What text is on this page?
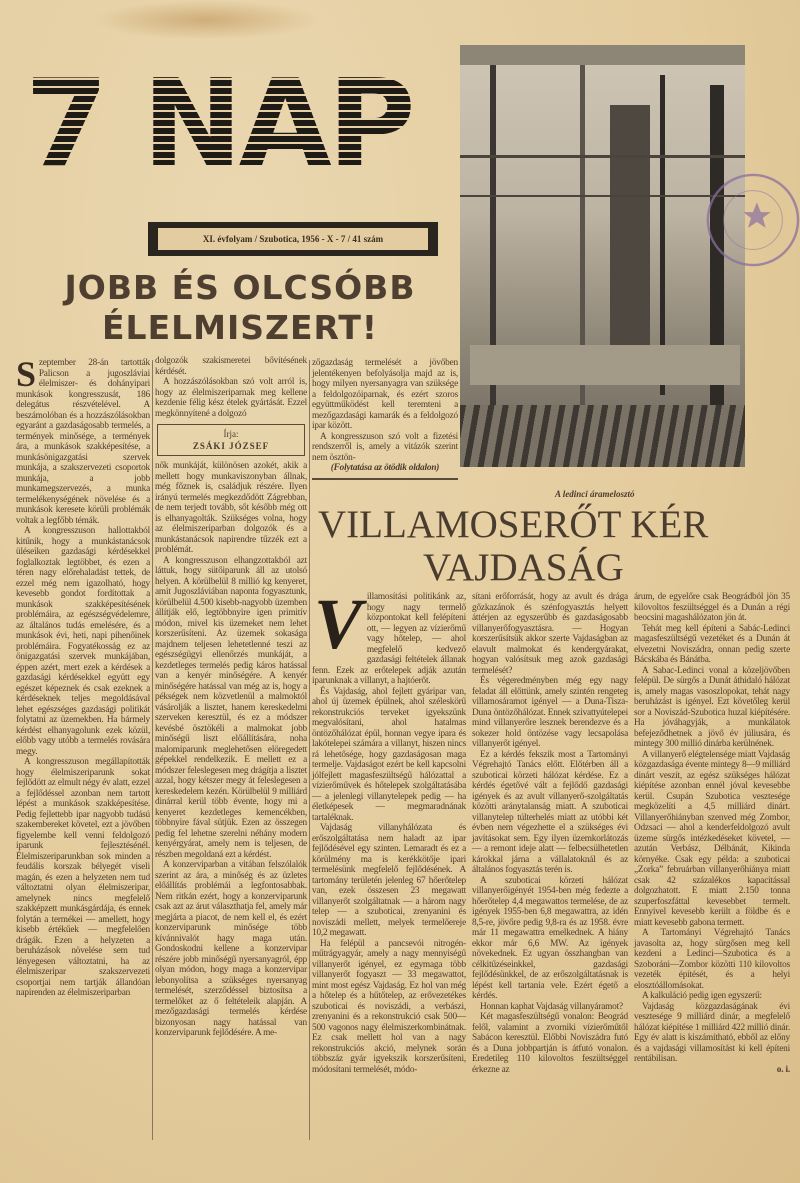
7 NAP
XI. évfolyam / Szubotica, 1956 - X - 7 / 41 szám
JOBB ÉS OLCSÓBB
ÉLELMISZERT!

Szeptember 28-án tartották Palicson a jugoszláviai élelmiszer- és dohányipari munkások kongresszusát, 186 delegátus részvételével. A beszámolóban és a hozzászólásokban egyaránt a gazdaságosabb termelés, a termények minősége, a termények ára, a munkások szakképesítése, a munkásönigazgatási szervek munkája, a szakszervezeti csoportok munkája, a jobb munkamegszervezés, a munka termelékenységének növelése és a munkások keresete körüli problémák voltak a legfőbb témák.

A kongresszuson hallottakból kitűnik, hogy a munkástanácsok üléseiken gazdasági kérdésekkel foglalkoztak legtöbbet, és ezen a téren nagy előrehaladást tettek, de ezzel még nem igazolható, hogy kevesebb gondot fordítottak a munkások szakképesítésének problémáira, az egészségvédelemre, az általános tudás emelésére, és a munkások évi, heti, napi pihenőinek problémáira. Fogyatékosság ez az önigazgatási szervek munkájában, éppen azért, mert ezek a kérdések a gazdasági kérdésekkel együtt egy egészet képeznek és csak ezeknek a kérdéseknek teljes megoldásával lehet egészséges gazdasági politikát folytatni az üzemekben. Ha bármely kérdést elhanyagolunk ezek közül, előbb vagy utóbb a termelés rovására megy.

A kongresszuson megállapították hogy élelmiszeriparunk sokat fejlődött az elmult négy év alatt, ezzel a fejlődéssel azonban nem tartott lépést a munkások szakképesítése. Pedig fejlettebb ipar nagyobb tudású szakembereket követel, ezt a jövőben figyelembe kell venni feldolgozó iparunk fejlesztésénél. Élelmiszeriparunkban sok minden a feudális korszak bélyegét viseli magán, és ezen a helyzeten nem tud változtatni olyan élelmiszeripar, amelynek nincs megfelelő szakképzett munkásgárdája, és ennek folytán a termékei — amellett, hogy kisebb értékűek — megfelelően drágák. Ezen a helyzeten a beruházások növelése sem tud lényegesen változtatni, ha az élelmiszeripar szakszervezeti csoportjai nem tartják állandóan napirenden az élelmiszeriparban

dolgozók szakismeretei bővítésének kérdését.

A hozzászólásokban szó volt arról is, hogy az élelmiszeriparnak meg kellene kezdenie félig kész ételek gyártását. Ezzel megkönnyítené a dolgozó

Írja:
ZSÁKI JÓZSEF

nők munkáját, különösen azokét, akik a mellett hogy munkaviszonyban állnak, még főznek is, családjuk részére. Ilyen irányú termelés megkezdődött Zágrebban, de nem terjedt tovább, sőt később még ott is elhanyagolták. Szükséges volna, hogy az élelmiszeriparban dolgozók és a munkástanácsok napirendre tűzzék ezt a problémát.

A kongresszuson elhangzottakból azt láttuk, hogy sütőiparunk áll az utolsó helyen. A körülbelül 8 millió kg kenyeret, amit Jugoszláviában naponta fogyasztunk, körülbelül 4.500 kisebb-nagyobb üzemben állítják elő, legtöbbnyire igen primitív módon, mivel kis üzemeket nem lehet korszerűsíteni. Az üzemek sokasága majdnem teljesen lehetetlenné teszi az egészségügyi ellenőrzés munkáját, a kezdetleges termelés pedig káros hatással van a kenyér minőségére. A kenyér minőségére hatással van még az is, hogy a pékségek nem közvetlenül a malmoktól vásárolják a lisztet, hanem kereskedelmi szerveken keresztül, és ez a módszer kevésbé ösztökéli a malmokat jobb minőségű liszt előállítására, noha malomiparunk meglehetősen elöregedett gépekkel rendelkezik. E mellett ez a módszer feleslegesen meg drágítja a lisztet azzal, hogy kétszer megy át feleslegesen a kereskedelem kezén. Körülbelül 9 milliárd dinárral kerül több évente, hogy mi a kenyeret kezdetleges kemencékben, többnyire fával sütjük. Ezen az összegen pedig fel lehetne szerelni néhány modern kenyérgyárat, amely nem is teljesen, de részben megoldaná ezt a kérdést.

A konzerviparban a vitában felszólalók szerint az ára, a minőség és az üzletes előállítás problémái a legfontosabbak. Nem ritkán ezért, hogy a konzerviparunk csak azt az árut választhatja fel, amely már megjárta a piacot, de nem kell el, és ezért konzerviparunk minősége több kívánnivalót hagy maga után. Gondoskodni kellene a konzervipar részére jobb minőségű nyersanyagról, épp olyan módon, hogy maga a konzervipar lebonyolítsa a szükséges nyersanyag termelését, szerződéssel biztosítsa a termelőket az ő feltételeik alapján. A mezőgazdasági termelés kérdése bizonyosan nagy hatással van konzerviparunk fejlődésére. A me-

zőgazdaság termelését a jövőben jelentékenyen befolyásolja majd az is, hogy milyen nyersanyagra van szüksége a feldolgozóiparnak, és ezért szoros együttműködést kell teremteni a mezőgazdasági kamarák és a feldolgozó ipar között.

A kongresszuson szó volt a fizetési rendszerről is, amely a vitázók szerint nem ösztön-

(Folytatása az ötödik oldalon)

A ledinci áramelosztó
VILLAMOSERŐT KÉR
VAJDASÁG

Villamosítási politikánk az, hogy nagy termelő központokat kell felépíteni ott, — legyen az vízierőmű vagy hőtelep, — ahol megfelelő kedvező gazdasági feltételek állanak fenn. Ezek az erőtelepek adják azután iparunknak a villanyt, a hajtóerőt.

És Vajdaság, ahol fejlett gyáripar van, ahol új üzemek épülnek, ahol széleskörű rekonstrukciós terveket igyekszünk megvalósítani, ahol hatalmas öntözőhálózat épül, honnan vegye ipara és lakótelepei számára a villanyt, hiszen nincs rá lehetősége, hogy gazdaságosan maga termelje. Vajdaságot ezért be kell kapcsolni jólfejlett magasfeszültségű hálózattal a vízierőművek és hőtelepek szolgáltatásába — a jelenlegi villanytelepek pedig — ha életképesek — megmaradnának tartaléknak.

Vajdaság villanyhálózata és erőszolgáltatása nem haladt az ipar fejlődésével egy szinten. Lemaradt és ez a körülmény ma is kerékkötője ipari termelésünk megfelelő fejlődésének. A tartomány területén jelenleg 67 hőerőtelep van, ezek összesen 23 megawatt villanyerőt szolgáltatnak — a három nagy telep — a szuboticai, zrenyanini és noviszádi mellett, melyek termelőereje 10,2 megawatt.

Ha felépül a pancsevói nitrogén-műtrágyagyár, amely a nagy mennyiségű villanyerőt igényel, ez egymaga több villanyerőt fogyaszt — 33 megawattot, mint most egész Vajdaság. Ez hol van még a hőtelep és a hűtőtelep, az erővezetékes szuboticai és noviszádi, a verbászi, zrenyanini és a rekonstrukció csak 500—500 vagonos nagy élelmiszerkombinátnak. Ez csak mellett hol van a nagy rekonstrukciós akció, melynek során többszáz gyár igyekszik korszerűsíteni, módosítani termelését, módo-

sítani erőforrását, hogy az avult és drága gőzkazánok és szénfogyasztás helyett áttérjen az egyszerűbb és gazdaságosabb villanyerőfogyasztásra. — Hogyan korszerűsítsük akkor szerte Vajdaságban az elavult malmokat és kendergyárakat, hogyan valósítsuk meg azok gazdasági termelését?

És végeredményben még egy nagy feladat áll előttünk, amely szintén rengeteg villamosáramot igényel — a Duna-Tisza-Duna öntözőhálózat. Ennek szivattyútelepei mind villanyerőre lesznek berendezve és a sokezer hold öntözése vagy lecsapolása villanyerőt igényel.

Ez a kérdés fekszik most a Tartományi Végrehajtó Tanács előtt. Előtérben áll a szuboticai körzeti hálózat kérdése. Ez a kérdés égetővé vált a fejlődő gazdasági igények és az avult villanyerő-szolgáltatás közötti aránytalanság miatt. A szuboticai villanytelep túlterhelés miatt az utóbbi két évben nem végezhette el a szükséges évi javításokat sem. Egy ilyen üzemkorlátozás — a remont ideje alatt — felbecsülhetetlen károkkal járna a vállalatoknál és az általános fogyasztás terén is.

A szuboticai körzeti hálózat villanyerőigényét 1954-ben még fedezte a hőerőtelep 4,4 megawattos termelése, de az igények 1955-ben 6,8 megawattra, az idén 8,5-re, jövőre pedig 9,8-ra és az 1958. évre már 11 megawattra emelkednek. A hiány ekkor már 6,6 MW. Az igények növekednek. Ez ugyan összhangban van célkitűzéseinkkel, gazdasági fejlődésünkkel, de az erőszolgáltatásnak is lépést kell tartania vele. Ezért égető a kérdés.

Honnan kaphat Vajdaság villanyáramot?

Két magasfeszültségű vonalon: Beográd felől, valamint a zvorniki vízierőműtől Sabácon keresztül. Előbbi Noviszádra futó és a Duna jobbpartján is átfutó vonalon. Eredetileg 110 kilovoltos feszültséggel érkezne az

árum, de egyelőre csak Beográdból jön 35 kilovoltos feszültséggel és a Dunán a régi beocsini magashálózaton jön át.

Tehát meg kell építeni a Sabác-Ledinci magasfeszültségű vezetéket és a Dunán át elvezetni Noviszádra, onnan pedig szerte Bácskába és Bánátba.

A Sabac-Ledinci vonal a közeljövőben felépül. De sürgős a Dunát áthidaló hálózat is, amely magas vasoszlopokat, tehát nagy beruházást is igényel. Ezt követőleg kerül sor a Noviszád-Szubotica huzal kiépítésére. Ha jóváhagyják, a munkálatok befejeződhetnek a jövő év júliusára, és mintegy 300 millió dinárba kerülnének.

A villanyerő elégtelensége miatt Vajdaság közgazdasága évente mintegy 8—9 milliárd dinárt veszít, az egész szükséges hálózat kiépítése azonban ennél jóval kevesebbe kerül. Csupán Szubotica vesztesége megközelíti a 4,5 milliárd dinárt. Villanyerőhiányban szenved még Zombor, Odzsaci — ahol a kenderfeldolgozó avult üzeme sürgős intézkedéseket követel, — azután Verbász, Délbánát, Kikinda környéke. Csak egy példa: a szuboticai „Zorka” februárban villanyerőhiánya miatt csak 42 százalékos kapacitással dolgozhatott. E miatt 2.150 tonna szuperfoszfáttal kevesebbet termelt. Ennyivel kevesebb került a földbe és e miatt kevesebb gabona termett.

A Tartományi Végrehajtó Tanács javasolta az, hogy sürgősen meg kell kezdeni a Ledinci—Szubotica és a Szoboráni—Zombor közötti 110 kilovoltos vezeték építését, és a helyi elosztóállomásokat.

A kalkuláció pedig igen egyszerű:

Vajdaság közgazdaságának évi vesztesége 9 milliárd dinár, a megfelelő hálózat kiépítése 1 milliárd 422 millió dinár. Egy év alatt is kiszámítható, ebből az előny és a vajdasági villamosítást ki kell építeni rentábilisan.

o. i.
